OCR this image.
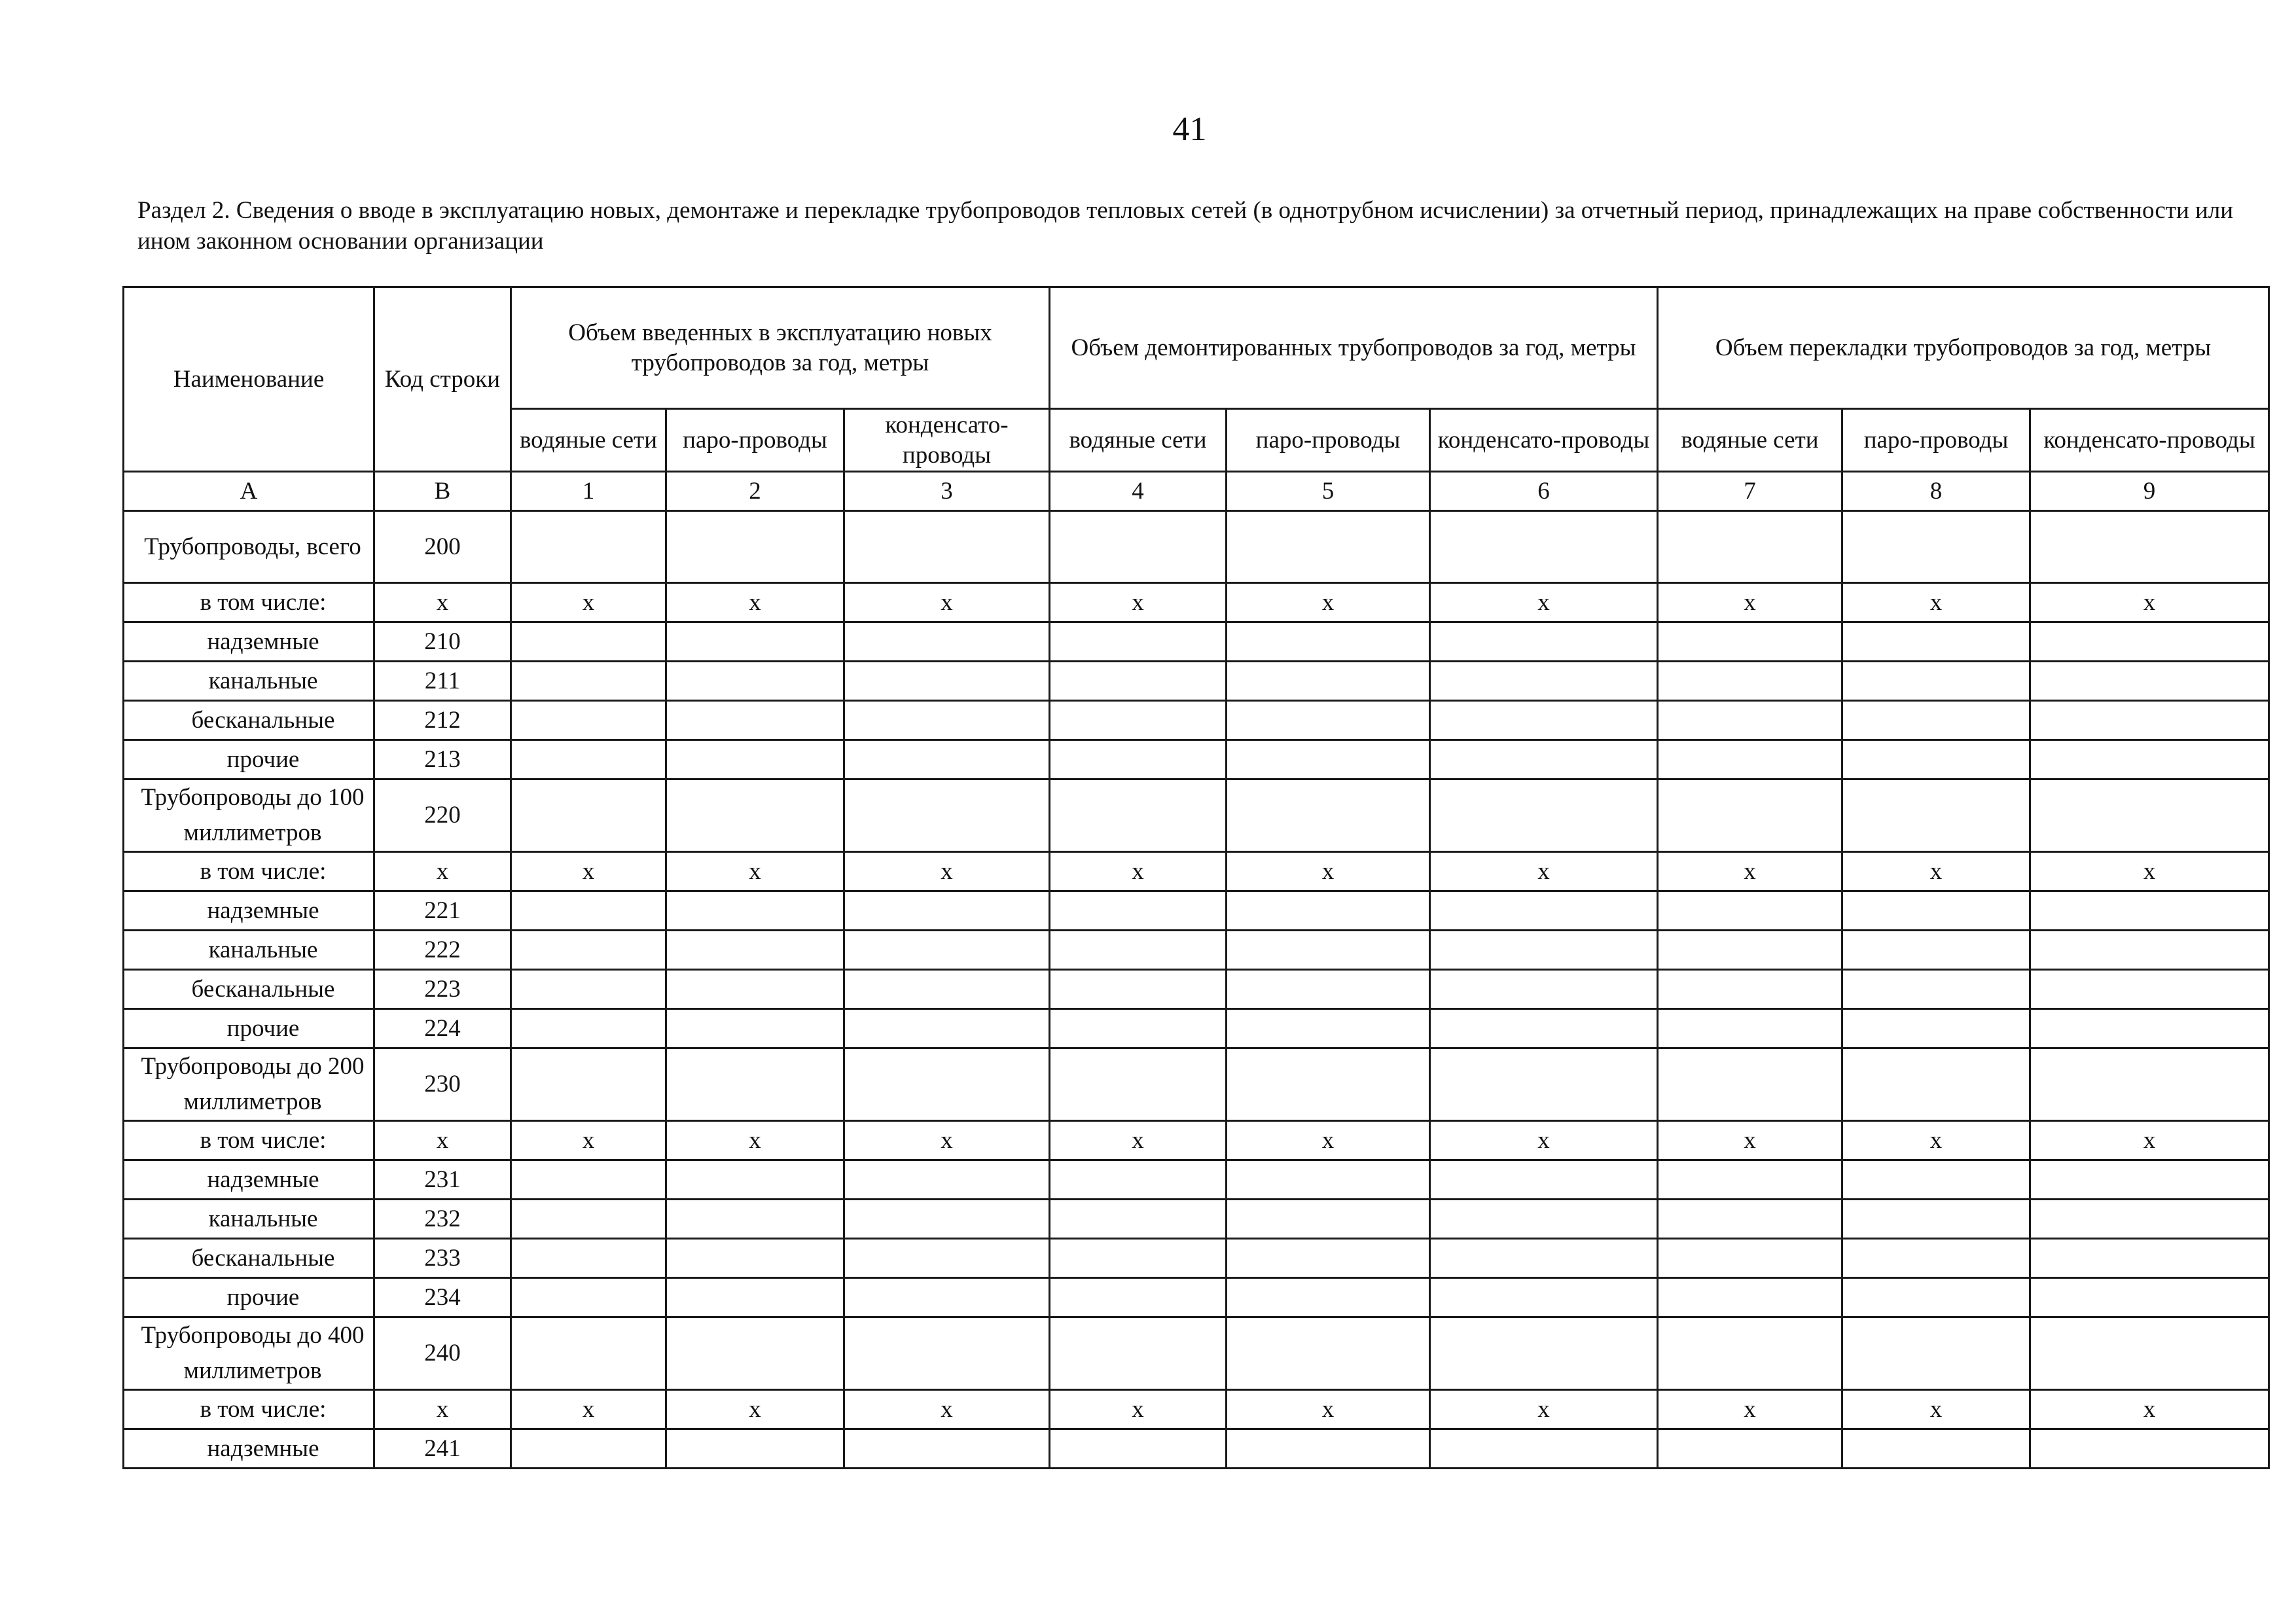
41
Раздел 2. Сведения о вводе в эксплуатацию новых, демонтаже и перекладке трубопроводов тепловых сетей (в однотрубном исчислении) за отчетный период, принадлежащих на праве собственности или ином законном основании организации
Наименование	Код строки	Объем введенных в эксплуатацию новых трубопроводов за год, метры			Объем демонтированных трубопроводов за год, метры			Объем перекладки трубопроводов за год, метры		
		водяные сети	паро-проводы	конденсато-проводы	водяные сети	паро-проводы	конденсато-проводы	водяные сети	паро-проводы	конденсато-проводы
А	В	1	2	3	4	5	6	7	8	9
Трубопроводы, всего	200									
в том числе:	х	х	х	х	х	х	х	х	х	х
надземные	210									
канальные	211									
бесканальные	212									
прочие	213									
Трубопроводы до 100 миллиметров	220									
в том числе:	х	х	х	х	х	х	х	х	х	х
надземные	221									
канальные	222									
бесканальные	223									
прочие	224									
Трубопроводы до 200 миллиметров	230									
в том числе:	х	х	х	х	х	х	х	х	х	х
надземные	231									
канальные	232									
бесканальные	233									
прочие	234									
Трубопроводы до 400 миллиметров	240									
в том числе:	х	х	х	х	х	х	х	х	х	х
надземные	241									
